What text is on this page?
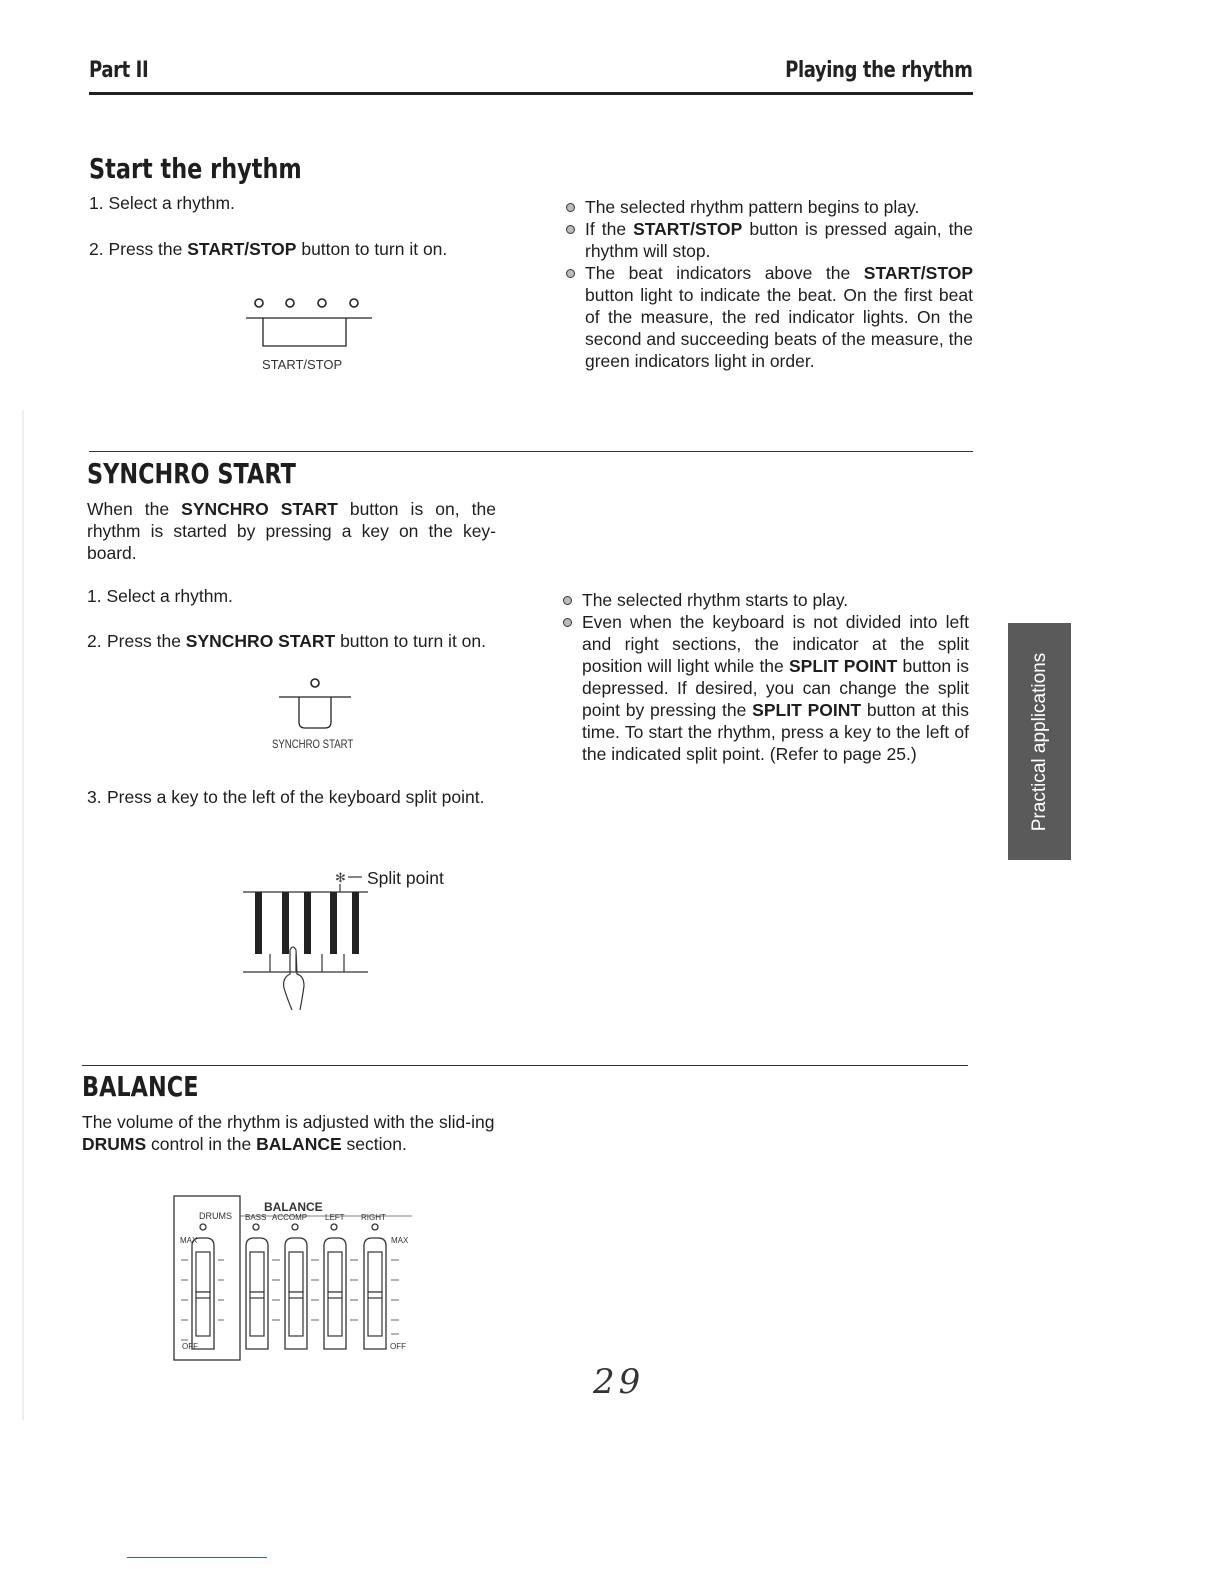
Part II	Playing the rhythm
Start the rhythm
1. Select a rhythm.
2. Press the START/STOP button to turn it on.
START/STOP
The selected rhythm pattern begins to play.
If the START/STOP button is pressed again, the rhythm will stop.
The beat indicators above the START/STOP button light to indicate the beat. On the first beat of the measure, the red indicator lights. On the second and succeeding beats of the measure, the green indicators light in order.
SYNCHRO START
When the SYNCHRO START button is on, the rhythm is started by pressing a key on the key-board.
1. Select a rhythm.
2. Press the SYNCHRO START button to turn it on.
SYNCHRO START
3. Press a key to the left of the keyboard split point.
✻ Split point
The selected rhythm starts to play.
Even when the keyboard is not divided into left and right sections, the indicator at the split position will light while the SPLIT POINT button is depressed. If desired, you can change the split point by pressing the SPLIT POINT button at this time. To start the rhythm, press a key to the left of the indicated split point. (Refer to page 25.)	Practical applications
BALANCE
The volume of the rhythm is adjusted with the slid-ing DRUMS control in the BALANCE section.
BALANCE
DRUMS BASS ACCOMP LEFT RIGHT
MAX	MAX
OFF	OFF
29
